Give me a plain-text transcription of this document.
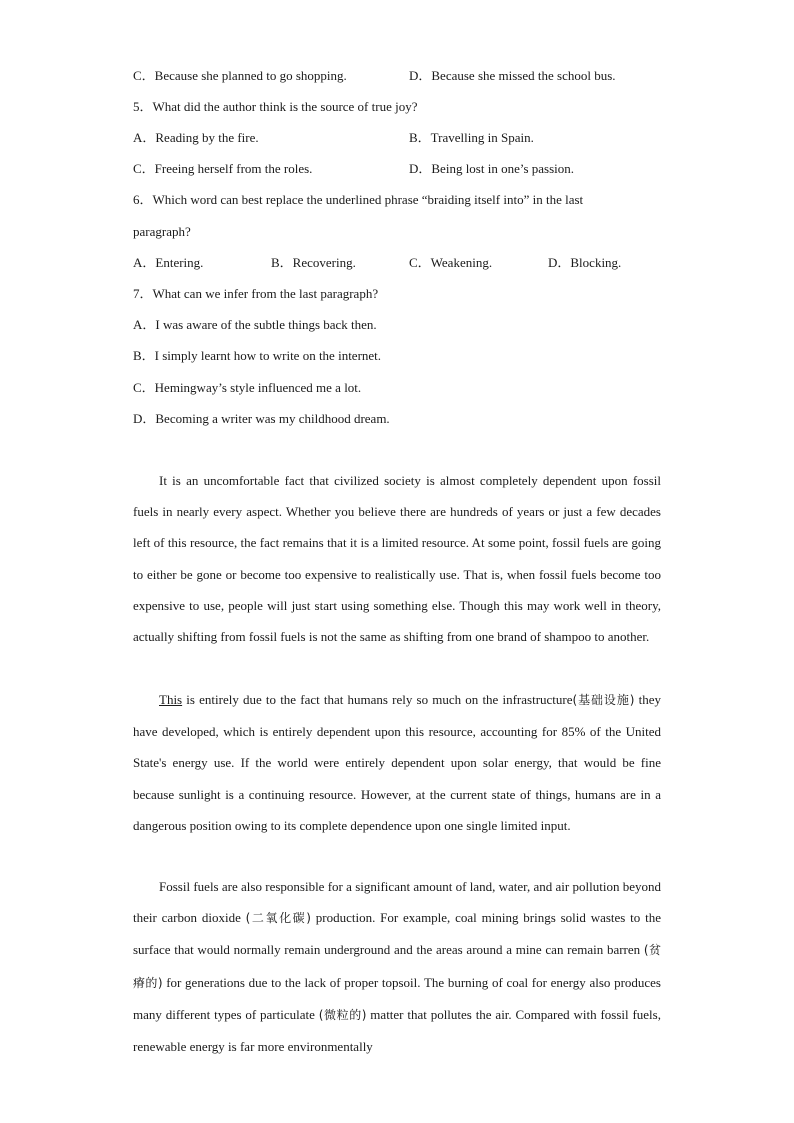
C．Because she planned to go shopping.	D．Because she missed the school bus.
5．What did the author think is the source of true joy?
A．Reading by the fire.	B．Travelling in Spain.
C．Freeing herself from the roles.	D．Being lost in one’s passion.
6．Which word can best replace the underlined phrase “braiding itself into” in the last
paragraph?
A．Entering.	B．Recovering.	C．Weakening.	D．Blocking.
7．What can we infer from the last paragraph?
A．I was aware of the subtle things back then.
B．I simply learnt how to write on the internet.
C．Hemingway’s style influenced me a lot.
D．Becoming a writer was my childhood dream.
It is an uncomfortable fact that civilized society is almost completely dependent upon fossil fuels in nearly every aspect. Whether you believe there are hundreds of years or just a few decades left of this resource, the fact remains that it is a limited resource. At some point, fossil fuels are going to either be gone or become too expensive to realistically use. That is, when fossil fuels become too expensive to use, people will just start using something else. Though this may work well in theory, actually shifting from fossil fuels is not the same as shifting from one brand of shampoo to another.
This is entirely due to the fact that humans rely so much on the infrastructure(基础设施) they have developed, which is entirely dependent upon this resource, accounting for 85% of the United State's energy use. If the world were entirely dependent upon solar energy, that would be fine because sunlight is a continuing resource. However, at the current state of things, humans are in a dangerous position owing to its complete dependence upon one single limited input.
Fossil fuels are also responsible for a significant amount of land, water, and air pollution beyond their carbon dioxide (二氧化碳) production. For example, coal mining brings solid wastes to the surface that would normally remain underground and the areas around a mine can remain barren (贫瘠的) for generations due to the lack of proper topsoil. The burning of coal for energy also produces many different types of particulate (微粒的) matter that pollutes the air. Compared with fossil fuels, renewable energy is far more environmentally
